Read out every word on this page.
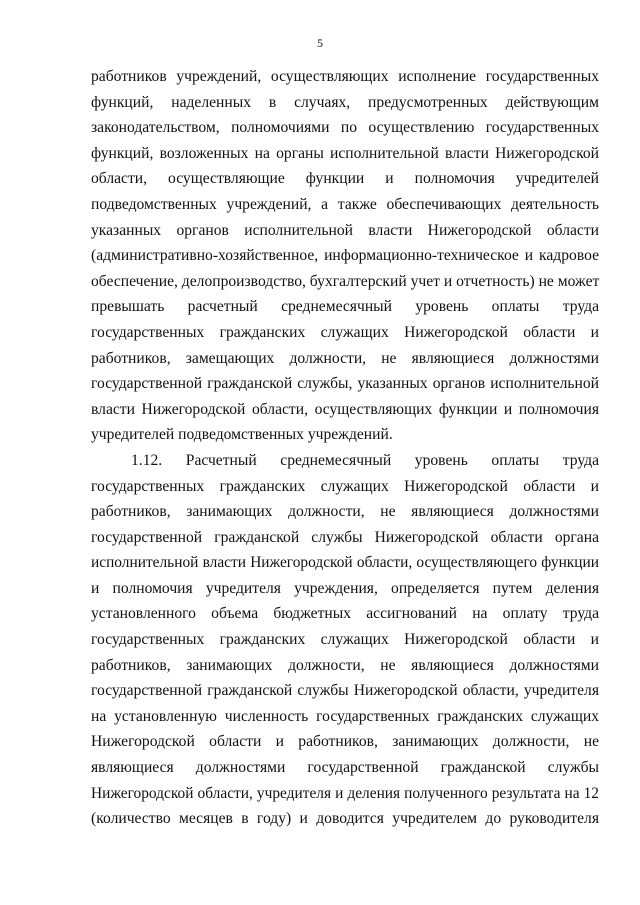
5
работников учреждений, осуществляющих исполнение государственных
функций, наделенных в случаях, предусмотренных действующим
законодательством, полномочиями по осуществлению государственных
функций, возложенных на органы исполнительной власти Нижегородской
области, осуществляющие функции и полномочия учредителей
подведомственных учреждений, а также обеспечивающих деятельность
указанных органов исполнительной власти Нижегородской области
(административно-хозяйственное, информационно-техническое и кадровое
обеспечение, делопроизводство, бухгалтерский учет и отчетность) не может
превышать расчетный среднемесячный уровень оплаты труда
государственных гражданских служащих Нижегородской области и
работников, замещающих должности, не являющиеся должностями
государственной гражданской службы, указанных органов исполнительной
власти Нижегородской области, осуществляющих функции и полномочия
учредителей подведомственных учреждений.
1.12. Расчетный среднемесячный уровень оплаты труда
государственных гражданских служащих Нижегородской области и
работников, занимающих должности, не являющиеся должностями
государственной гражданской службы Нижегородской области органа
исполнительной власти Нижегородской области, осуществляющего функции
и полномочия учредителя учреждения, определяется путем деления
установленного объема бюджетных ассигнований на оплату труда
государственных гражданских служащих Нижегородской области и
работников, занимающих должности, не являющиеся должностями
государственной гражданской службы Нижегородской области, учредителя
на установленную численность государственных гражданских служащих
Нижегородской области и работников, занимающих должности, не
являющиеся должностями государственной гражданской службы
Нижегородской области, учредителя и деления полученного результата на 12
(количество месяцев в году) и доводится учредителем до руководителя
